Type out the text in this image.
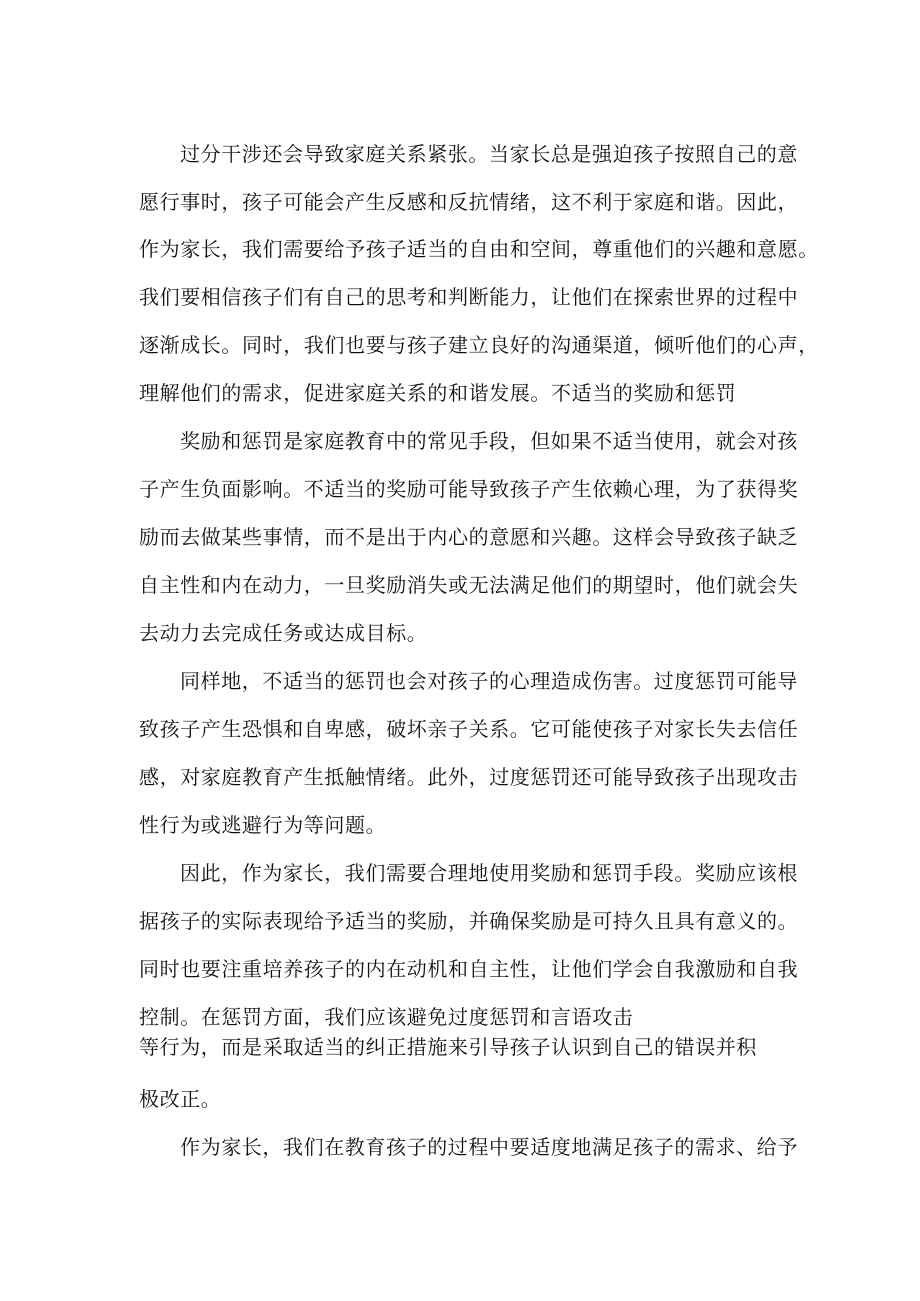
过分干涉还会导致家庭关系紧张。当家长总是强迫孩子按照自己的意

愿行事时，孩子可能会产生反感和反抗情绪，这不利于家庭和谐。因此，

作为家长，我们需要给予孩子适当的自由和空间，尊重他们的兴趣和意愿。

我们要相信孩子们有自己的思考和判断能力，让他们在探索世界的过程中

逐渐成长。同时，我们也要与孩子建立良好的沟通渠道，倾听他们的心声，

理解他们的需求，促进家庭关系的和谐发展。不适当的奖励和惩罚

奖励和惩罚是家庭教育中的常见手段，但如果不适当使用，就会对孩

子产生负面影响。不适当的奖励可能导致孩子产生依赖心理，为了获得奖

励而去做某些事情，而不是出于内心的意愿和兴趣。这样会导致孩子缺乏

自主性和内在动力，一旦奖励消失或无法满足他们的期望时，他们就会失

去动力去完成任务或达成目标。

同样地，不适当的惩罚也会对孩子的心理造成伤害。过度惩罚可能导

致孩子产生恐惧和自卑感，破坏亲子关系。它可能使孩子对家长失去信任

感，对家庭教育产生抵触情绪。此外，过度惩罚还可能导致孩子出现攻击

性行为或逃避行为等问题。

因此，作为家长，我们需要合理地使用奖励和惩罚手段。奖励应该根

据孩子的实际表现给予适当的奖励，并确保奖励是可持久且具有意义的。

同时也要注重培养孩子的内在动机和自主性，让他们学会自我激励和自我

控制。在惩罚方面，我们应该避免过度惩罚和言语攻击

等行为，而是采取适当的纠正措施来引导孩子认识到自己的错误并积

极改正。

作为家长，我们在教育孩子的过程中要适度地满足孩子的需求、给予
